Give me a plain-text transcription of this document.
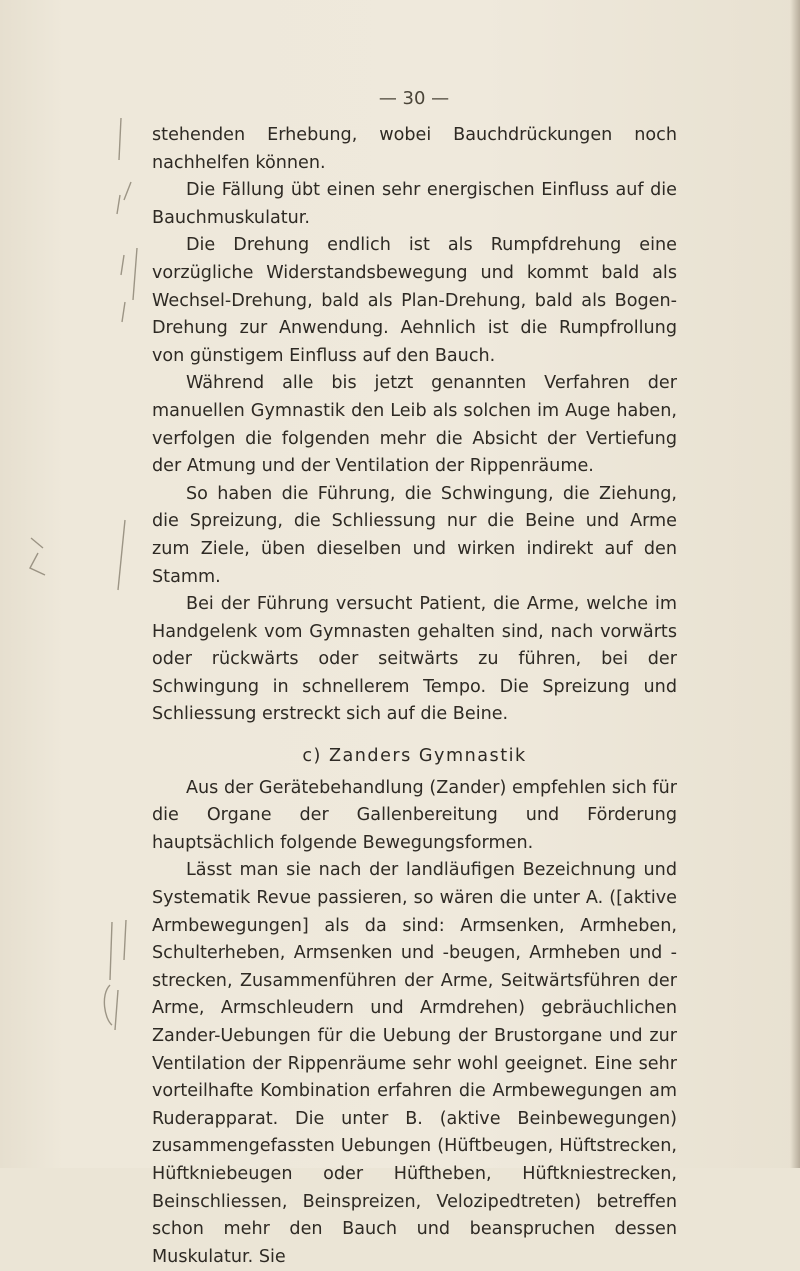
— 30 —

stehenden Erhebung, wobei Bauchdrückungen noch nachhelfen können.

Die Fällung übt einen sehr energischen Einfluss auf die Bauchmuskulatur.

Die Drehung endlich ist als Rumpfdrehung eine vorzügliche Widerstandsbewegung und kommt bald als Wechsel-Drehung, bald als Plan-Drehung, bald als Bogen-Drehung zur Anwendung. Aehnlich ist die Rumpfrollung von günstigem Einfluss auf den Bauch.

Während alle bis jetzt genannten Verfahren der manuellen Gymnastik den Leib als solchen im Auge haben, verfolgen die folgenden mehr die Absicht der Vertiefung der Atmung und der Ventilation der Rippenräume.

So haben die Führung, die Schwingung, die Ziehung, die Spreizung, die Schliessung nur die Beine und Arme zum Ziele, üben dieselben und wirken indirekt auf den Stamm.

Bei der Führung versucht Patient, die Arme, welche im Handgelenk vom Gymnasten gehalten sind, nach vorwärts oder rückwärts oder seitwärts zu führen, bei der Schwingung in schnellerem Tempo. Die Spreizung und Schliessung erstreckt sich auf die Beine.

c) Zanders Gymnastik

Aus der Gerätebehandlung (Zander) empfehlen sich für die Organe der Gallenbereitung und Förderung hauptsächlich folgende Bewegungsformen.

Lässt man sie nach der landläufigen Bezeichnung und Systematik Revue passieren, so wären die unter A. ([aktive Armbewegungen] als da sind: Armsenken, Armheben, Schulterheben, Armsenken und -beugen, Armheben und -strecken, Zusammenführen der Arme, Seitwärtsführen der Arme, Armschleudern und Armdrehen) gebräuchlichen Zander-Uebungen für die Uebung der Brustorgane und zur Ventilation der Rippenräume sehr wohl geeignet. Eine sehr vorteilhafte Kombination erfahren die Armbewegungen am Ruderapparat. Die unter B. (aktive Beinbewegungen) zusammengefassten Uebungen (Hüftbeugen, Hüftstrecken, Hüftkniebeugen oder Hüftheben, Hüftkniestrecken, Beinschliessen, Beinspreizen, Velozipedtreten) betreffen schon mehr den Bauch und beanspruchen dessen Muskulatur. Sie
